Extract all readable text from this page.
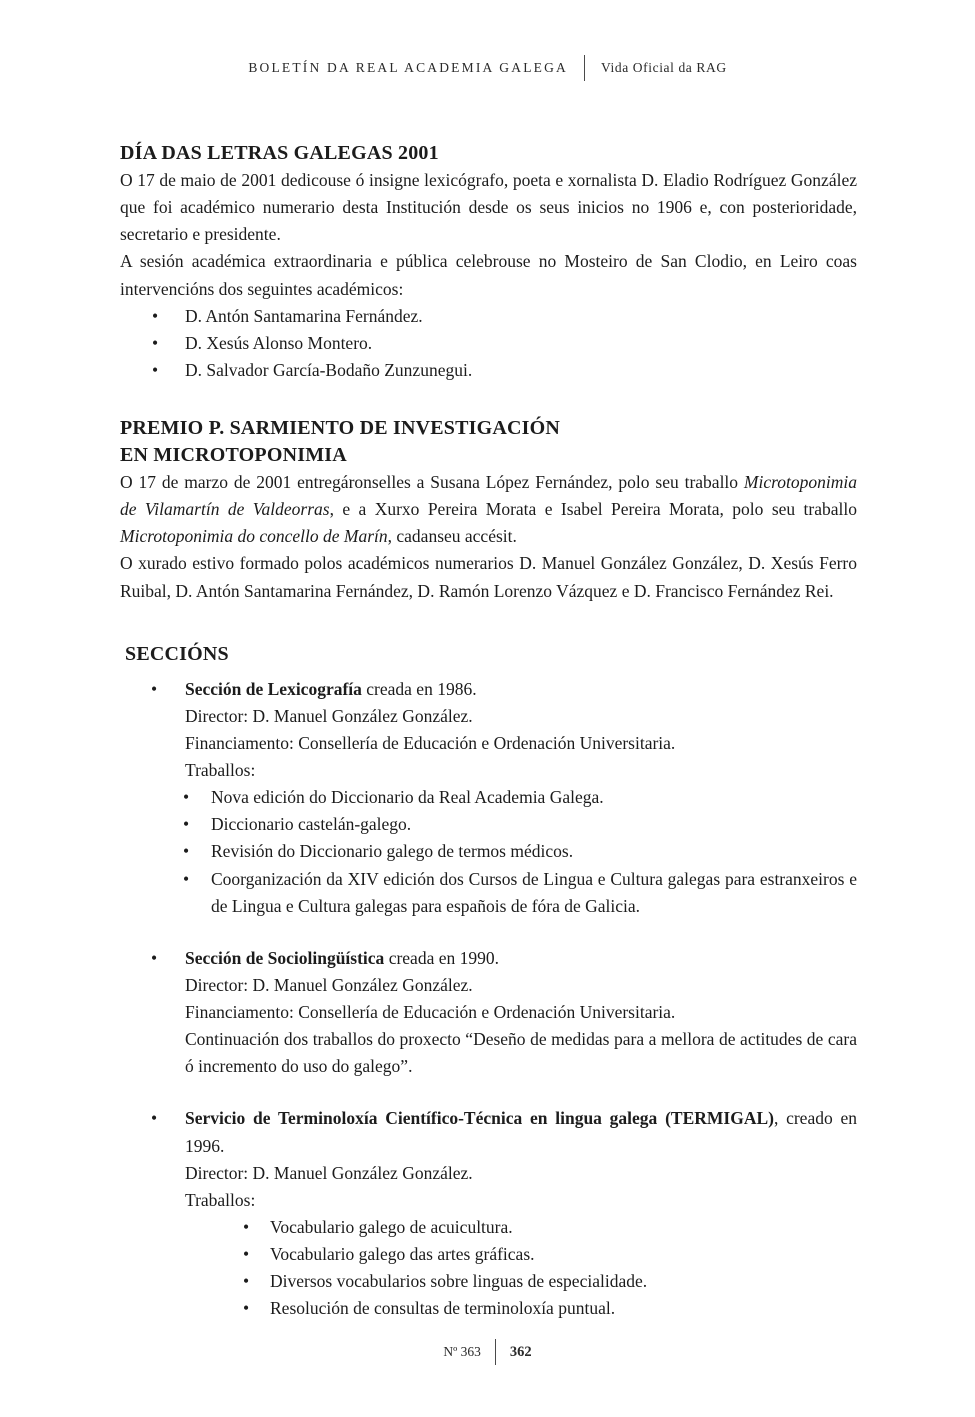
BOLETÍN DA REAL ACADEMIA GALEGA Vida Oficial da RAG
DÍA DAS LETRAS GALEGAS 2001

O 17 de maio de 2001 dedicouse ó insigne lexicógrafo, poeta e xornalista D. Eladio Rodríguez González que foi académico numerario desta Institución desde os seus inicios no 1906 e, con posterioridade, secretario e presidente.

A sesión académica extraordinaria e pública celebrouse no Mosteiro de San Clodio, en Leiro coas intervencións dos seguintes académicos:

• D. Antón Santamarina Fernández.
• D. Xesús Alonso Montero.
• D. Salvador García-Bodaño Zunzunegui.
PREMIO P. SARMIENTO DE INVESTIGACIÓN
EN MICROTOPONIMIA

O 17 de marzo de 2001 entregáronselles a Susana López Fernández, polo seu traballo Microtoponimia de Vilamartín de Valdeorras, e a Xurxo Pereira Morata e Isabel Pereira Morata, polo seu traballo Microtoponimia do concello de Marín, cadanseu accésit.

O xurado estivo formado polos académicos numerarios D. Manuel González González, D. Xesús Ferro Ruibal, D. Antón Santamarina Fernández, D. Ramón Lorenzo Vázquez e D. Francisco Fernández Rei.

SECCIÓNS

• Sección de Lexicografía creada en 1986.

Director: D. Manuel González González.

Financiamento: Consellería de Educación e Ordenación Universitaria.

Traballos:

• Nova edición do Diccionario da Real Academia Galega.
• Diccionario castelán-galego.
• Revisión do Diccionario galego de termos médicos.
• Coorganización da XIV edición dos Cursos de Lingua e Cultura galegas para estranxeiros e de Lingua e Cultura galegas para españois de fóra de Galicia.

• Sección de Sociolingüística creada en 1990.

Director: D. Manuel González González.

Financiamento: Consellería de Educación e Ordenación Universitaria.

Continuación dos traballos do proxecto “Deseño de medidas para a mellora de actitudes de cara ó incremento do uso do galego”.

• Servicio de Terminoloxía Científico-Técnica en lingua galega (TERMIGAL), creado en 1996.

Director: D. Manuel González González.

Traballos:

• Vocabulario galego de acuicultura.
• Vocabulario galego das artes gráficas.
• Diversos vocabularios sobre linguas de especialidade.
• Resolución de consultas de terminoloxía puntual.
Nº 363 362
